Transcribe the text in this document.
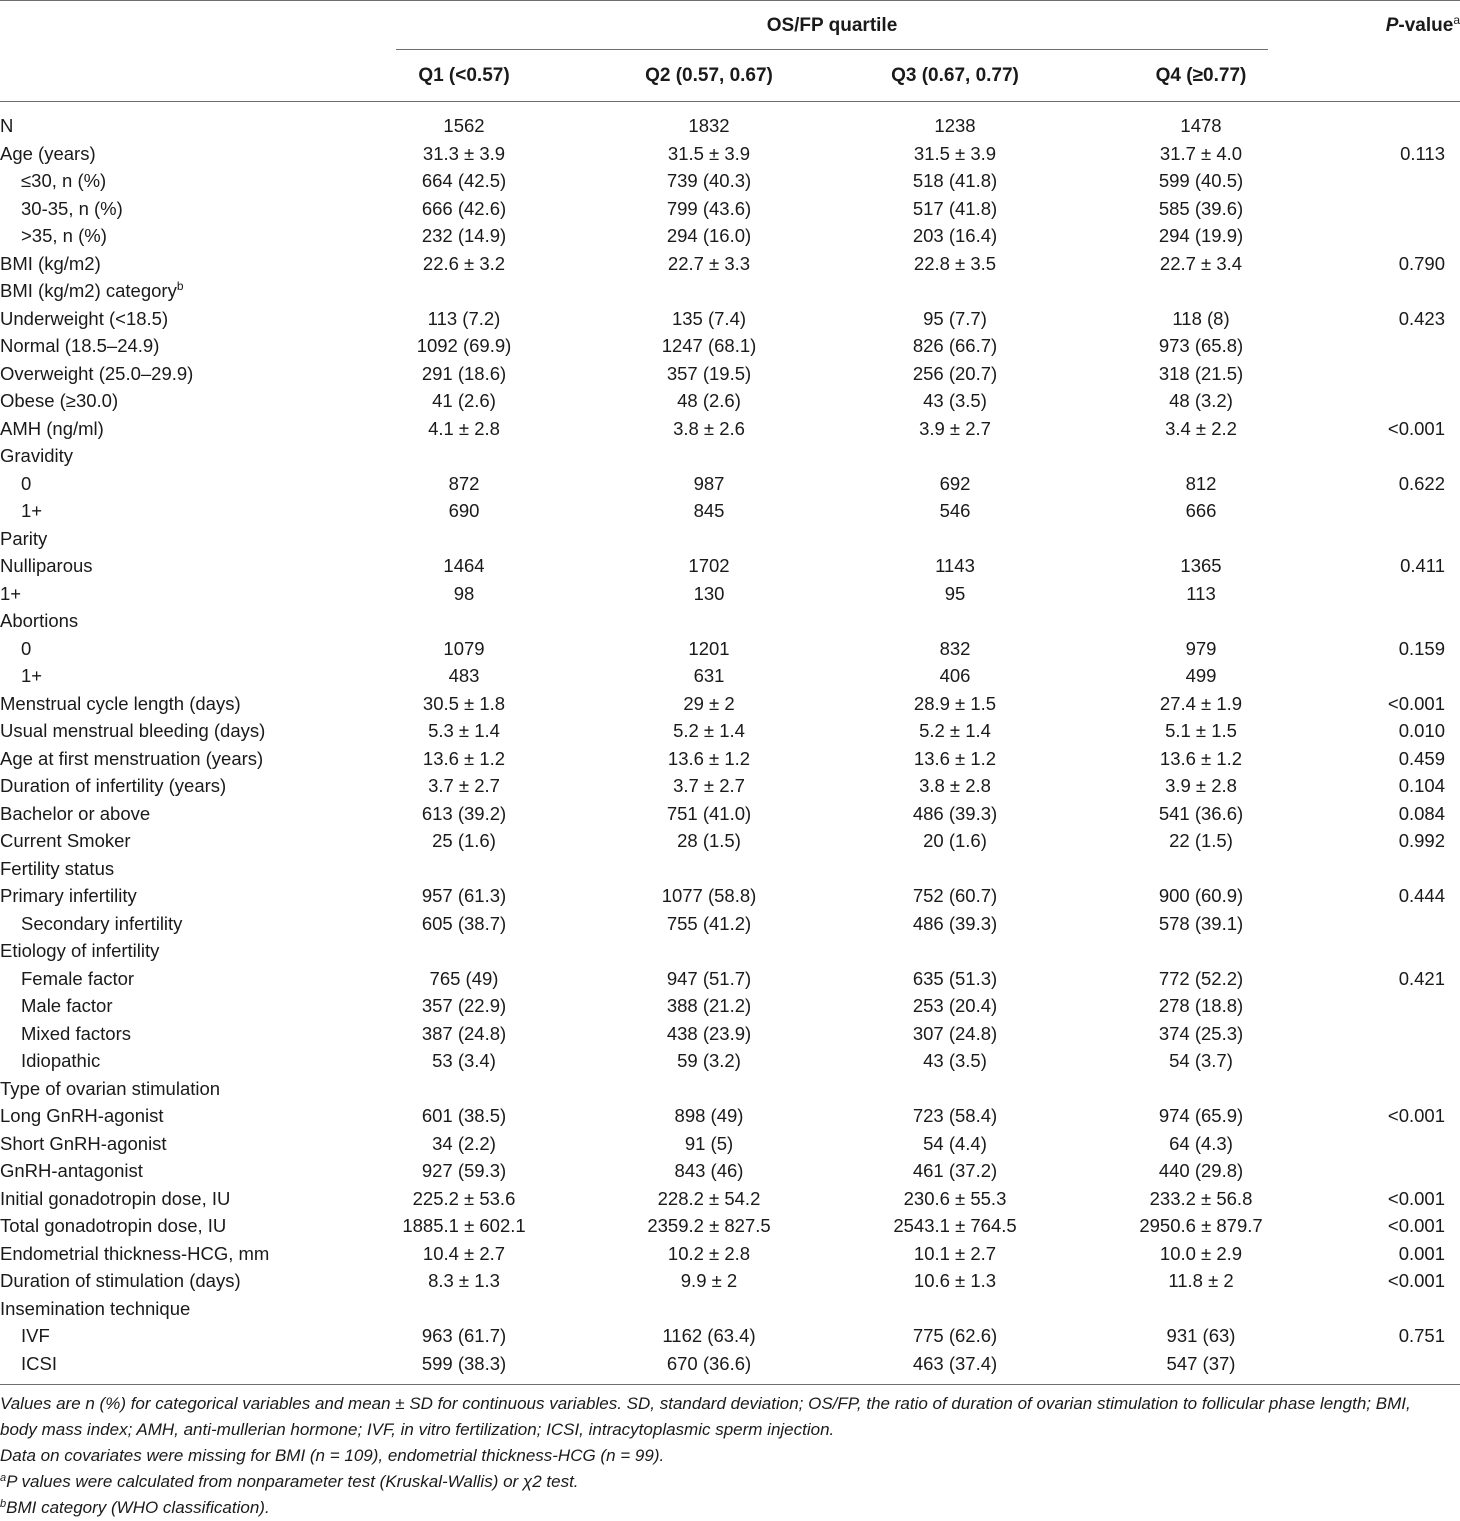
OS/FP quartile	P-value$^a$
Q1 (<0.57)	Q2 (0.57, 0.67)	Q3 (0.67, 0.77)	Q4 (≥0.77)
N	1562	1832	1238	1478
Age (years)	31.3 ± 3.9	31.5 ± 3.9	31.5 ± 3.9	31.7 ± 4.0	0.113
≤30, n (%)	664 (42.5)	739 (40.3)	518 (41.8)	599 (40.5)
30-35, n (%)	666 (42.6)	799 (43.6)	517 (41.8)	585 (39.6)
>35, n (%)	232 (14.9)	294 (16.0)	203 (16.4)	294 (19.9)
BMI (kg/m2)	22.6 ± 3.2	22.7 ± 3.3	22.8 ± 3.5	22.7 ± 3.4	0.790
BMI (kg/m2) category$^b$
Underweight (<18.5)	113 (7.2)	135 (7.4)	95 (7.7)	118 (8)	0.423
Normal (18.5–24.9)	1092 (69.9)	1247 (68.1)	826 (66.7)	973 (65.8)
Overweight (25.0–29.9)	291 (18.6)	357 (19.5)	256 (20.7)	318 (21.5)
Obese (≥30.0)	41 (2.6)	48 (2.6)	43 (3.5)	48 (3.2)
AMH (ng/ml)	4.1 ± 2.8	3.8 ± 2.6	3.9 ± 2.7	3.4 ± 2.2	<0.001
Gravidity
0	872	987	692	812	0.622
1+	690	845	546	666
Parity
Nulliparous	1464	1702	1143	1365	0.411
1+	98	130	95	113
Abortions
0	1079	1201	832	979	0.159
1+	483	631	406	499
Menstrual cycle length (days)	30.5 ± 1.8	29 ± 2	28.9 ± 1.5	27.4 ± 1.9	<0.001
Usual menstrual bleeding (days)	5.3 ± 1.4	5.2 ± 1.4	5.2 ± 1.4	5.1 ± 1.5	0.010
Age at first menstruation (years)	13.6 ± 1.2	13.6 ± 1.2	13.6 ± 1.2	13.6 ± 1.2	0.459
Duration of infertility (years)	3.7 ± 2.7	3.7 ± 2.7	3.8 ± 2.8	3.9 ± 2.8	0.104
Bachelor or above	613 (39.2)	751 (41.0)	486 (39.3)	541 (36.6)	0.084
Current Smoker	25 (1.6)	28 (1.5)	20 (1.6)	22 (1.5)	0.992
Fertility status
Primary infertility	957 (61.3)	1077 (58.8)	752 (60.7)	900 (60.9)	0.444
Secondary infertility	605 (38.7)	755 (41.2)	486 (39.3)	578 (39.1)
Etiology of infertility
Female factor	765 (49)	947 (51.7)	635 (51.3)	772 (52.2)	0.421
Male factor	357 (22.9)	388 (21.2)	253 (20.4)	278 (18.8)
Mixed factors	387 (24.8)	438 (23.9)	307 (24.8)	374 (25.3)
Idiopathic	53 (3.4)	59 (3.2)	43 (3.5)	54 (3.7)
Type of ovarian stimulation
Long GnRH-agonist	601 (38.5)	898 (49)	723 (58.4)	974 (65.9)	<0.001
Short GnRH-agonist	34 (2.2)	91 (5)	54 (4.4)	64 (4.3)
GnRH-antagonist	927 (59.3)	843 (46)	461 (37.2)	440 (29.8)
Initial gonadotropin dose, IU	225.2 ± 53.6	228.2 ± 54.2	230.6 ± 55.3	233.2 ± 56.8	<0.001
Total gonadotropin dose, IU	1885.1 ± 602.1	2359.2 ± 827.5	2543.1 ± 764.5	2950.6 ± 879.7	<0.001
Endometrial thickness-HCG, mm	10.4 ± 2.7	10.2 ± 2.8	10.1 ± 2.7	10.0 ± 2.9	0.001
Duration of stimulation (days)	8.3 ± 1.3	9.9 ± 2	10.6 ± 1.3	11.8 ± 2	<0.001
Insemination technique
IVF	963 (61.7)	1162 (63.4)	775 (62.6)	931 (63)	0.751
ICSI	599 (38.3)	670 (36.6)	463 (37.4)	547 (37)
Values are n (%) for categorical variables and mean ± SD for continuous variables. SD, standard deviation; OS/FP, the ratio of duration of ovarian stimulation to follicular phase length; BMI,
body mass index; AMH, anti-mullerian hormone; IVF, in vitro fertilization; ICSI, intracytoplasmic sperm injection.
Data on covariates were missing for BMI (n = 109), endometrial thickness-HCG (n = 99).
$^a$P values were calculated from nonparameter test (Kruskal-Wallis) or χ2 test.
$^b$BMI category (WHO classification).
